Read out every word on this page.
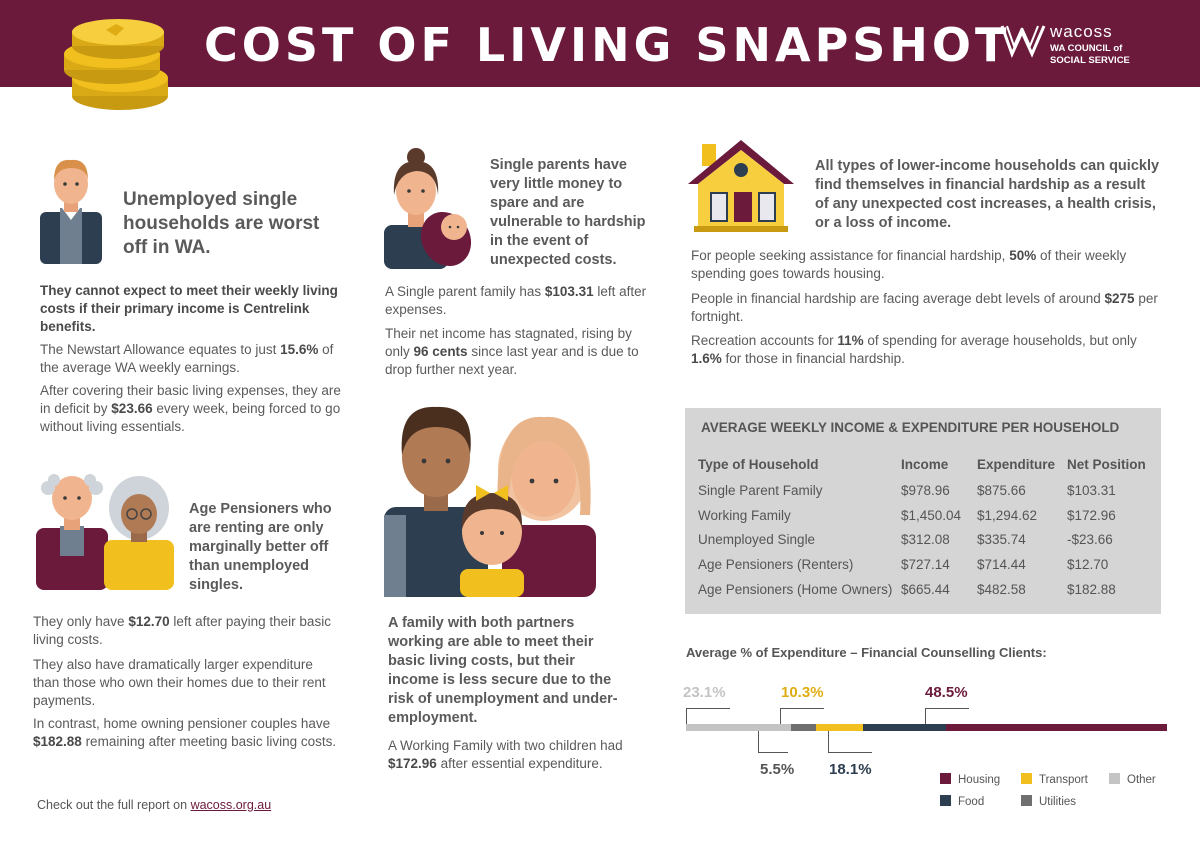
COST OF LIVING SNAPSHOT wacoss
WA COUNCIL of
SOCIAL SERVICE
Unemployed single households are worst off in WA.
They cannot expect to meet their weekly living costs if their primary income is Centrelink benefits.
The Newstart Allowance equates to just 15.6% of the average WA weekly earnings.
After covering their basic living expenses, they are in deficit by $23.66 every week, being forced to go without living essentials.
Age Pensioners who are renting are only marginally better off than unemployed singles.
They only have $12.70 left after paying their basic living costs.
They also have dramatically larger expenditure than those who own their homes due to their rent payments.
In contrast, home owning pensioner couples have $182.88 remaining after meeting basic living costs.
Single parents have very little money to spare and are vulnerable to hardship in the event of unexpected costs.
A Single parent family has $103.31 left after expenses.
Their net income has stagnated, rising by only 96 cents since last year and is due to drop further next year.
A family with both partners working are able to meet their basic living costs, but their income is less secure due to the risk of unemployment and under-employment.
A Working Family with two children had $172.96 after essential expenditure.
All types of lower-income households can quickly find themselves in financial hardship as a result of any unexpected cost increases, a health crisis, or a loss of income.
For people seeking assistance for financial hardship, 50% of their weekly spending goes towards housing.
People in financial hardship are facing average debt levels of around $275 per fortnight.
Recreation accounts for 11% of spending for average households, but only 1.6% for those in financial hardship.
AVERAGE WEEKLY INCOME & EXPENDITURE PER HOUSEHOLD
Type of Household	Income Expenditure Net Position
Single Parent Family	$978.96 $875.66	$103.31
Working Family	$1,450.04 $1,294.62 $172.96
Unemployed Single	$312.08 $335.74	-$23.66
Age Pensioners (Renters)	$727.14 $714.44	$12.70
Age Pensioners (Home Owners) $665.44 $482.58	$182.88
Average % of Expenditure – Financial Counselling Clients:
23.1%
5.5%
10.3%
18.1%
48.5%
Housing	Transport	Other
Food	Utilities
Check out the full report on wacoss.org.au
